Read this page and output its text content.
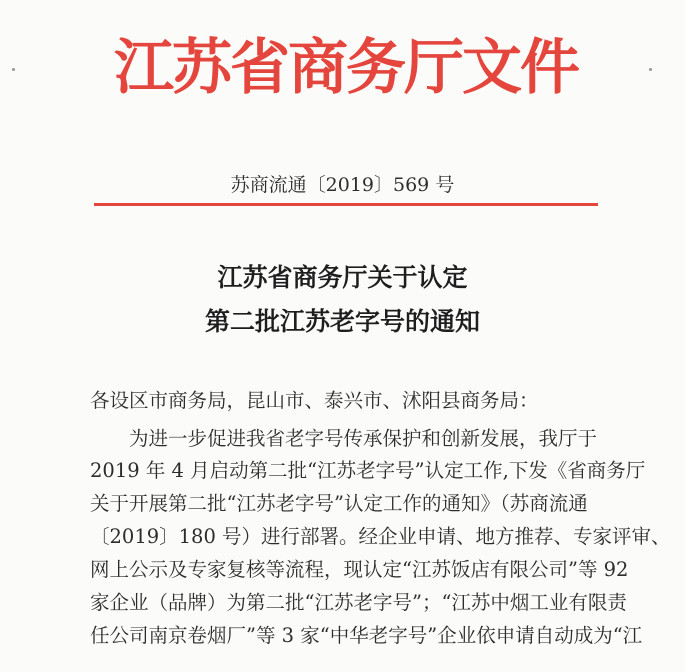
江苏省商务厅文件
苏商流通〔2019〕569 号
江苏省商务厅关于认定
第二批江苏老字号的通知
各设区市商务局，昆山市、泰兴市、沭阳县商务局：
　　为进一步促进我省老字号传承保护和创新发展，我厅于
2019 年 4 月启动第二批“江苏老字号”认定工作,下发《省商务厅
关于开展第二批“江苏老字号”认定工作的通知》（苏商流通
〔2019〕180 号）进行部署。经企业申请、地方推荐、专家评审、
网上公示及专家复核等流程，现认定“江苏饭店有限公司”等 92
家企业（品牌）为第二批“江苏老字号”；“江苏中烟工业有限责
任公司南京卷烟厂”等 3 家“中华老字号”企业依申请自动成为“江
